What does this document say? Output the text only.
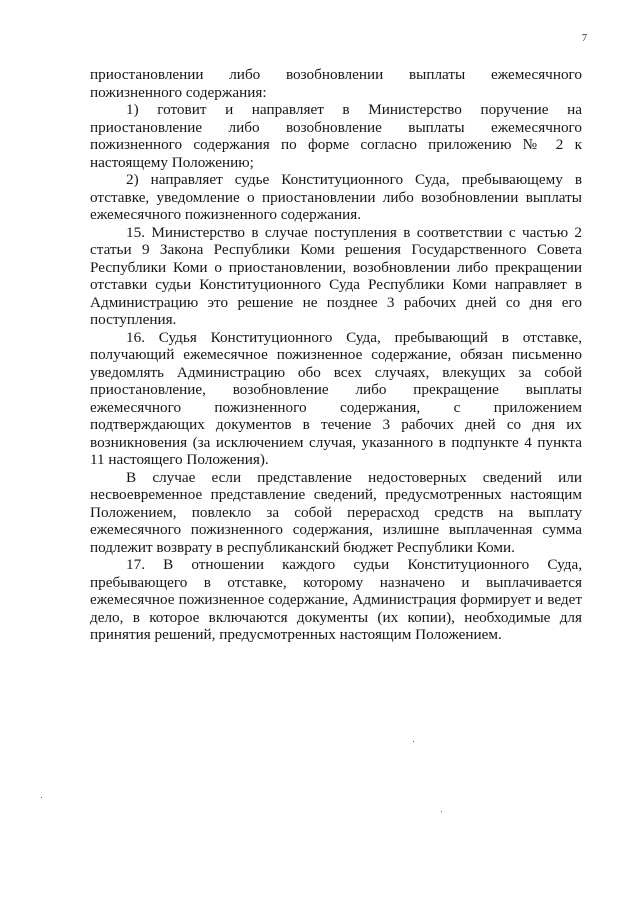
7

приостановлении либо возобновлении выплаты ежемесячного пожизненного содержания:

1) готовит и направляет в Министерство поручение на приостановление либо возобновление выплаты ежемесячного пожизненного содержания по форме согласно приложению № 2 к настоящему Положению;

2) направляет судье Конституционного Суда, пребывающему в отставке, уведомление о приостановлении либо возобновлении выплаты ежемесячного пожизненного содержания.

15. Министерство в случае поступления в соответствии с частью 2 статьи 9 Закона Республики Коми решения Государственного Совета Республики Коми о приостановлении, возобновлении либо прекращении отставки судьи Конституционного Суда Республики Коми направляет в Администрацию это решение не позднее 3 рабочих дней со дня его поступления.

16. Судья Конституционного Суда, пребывающий в отставке, получающий ежемесячное пожизненное содержание, обязан письменно уведомлять Администрацию обо всех случаях, влекущих за собой приостановление, возобновление либо прекращение выплаты ежемесячного пожизненного содержания, с приложением подтверждающих документов в течение 3 рабочих дней со дня их возникновения (за исключением случая, указанного в подпункте 4 пункта 11 настоящего Положения).

В случае если представление недостоверных сведений или несвоевременное представление сведений, предусмотренных настоящим Положением, повлекло за собой перерасход средств на выплату ежемесячного пожизненного содержания, излишне выплаченная сумма подлежит возврату в республиканский бюджет Республики Коми.

17. В отношении каждого судьи Конституционного Суда, пребывающего в отставке, которому назначено и выплачивается ежемесячное пожизненное содержание, Администрация формирует и ведет дело, в которое включаются документы (их копии), необходимые для принятия решений, предусмотренных настоящим Положением.
